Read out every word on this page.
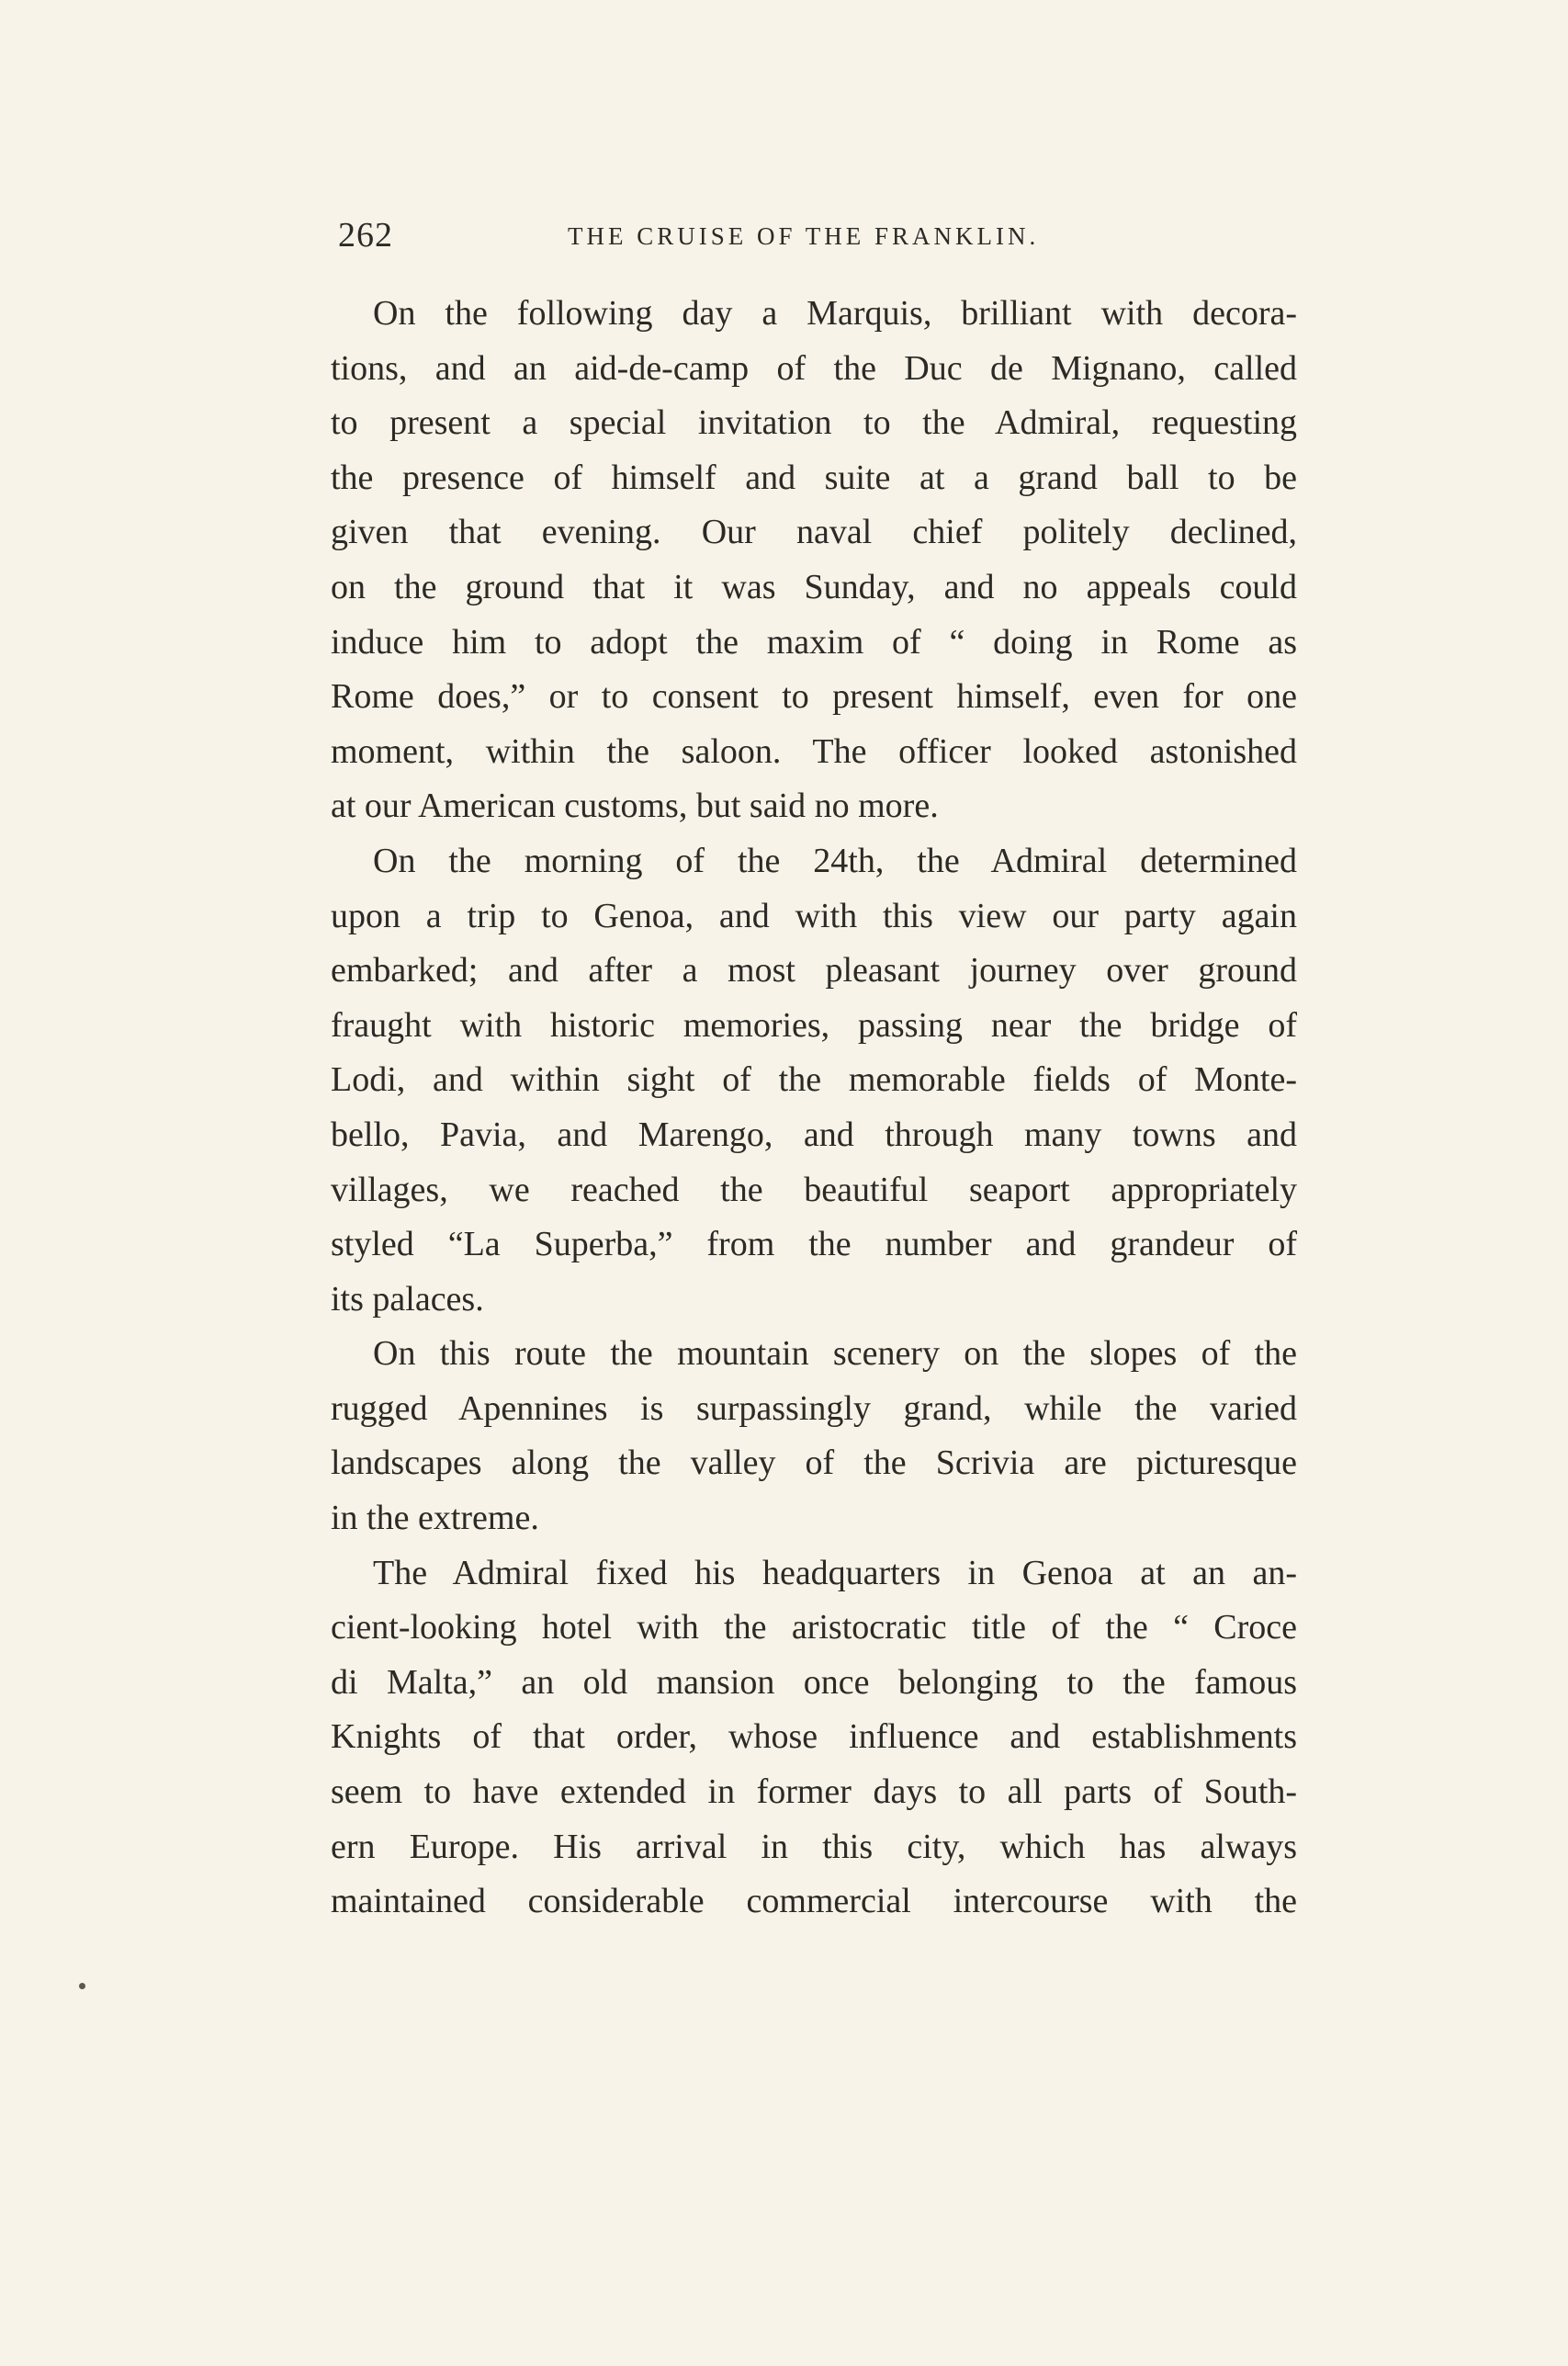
262	THE CRUISE OF THE FRANKLIN.
On the following day a Marquis, brilliant with decora-
tions, and an aid-de-camp of the Duc de Mignano, called
to present a special invitation to the Admiral, requesting
the presence of himself and suite at a grand ball to be
given that evening. Our naval chief politely declined,
on the ground that it was Sunday, and no appeals could
induce him to adopt the maxim of “ doing in Rome as
Rome does,” or to consent to present himself, even for one
moment, within the saloon. The officer looked astonished
at our American customs, but said no more.
On the morning of the 24th, the Admiral determined
upon a trip to Genoa, and with this view our party again
embarked; and after a most pleasant journey over ground
fraught with historic memories, passing near the bridge of
Lodi, and within sight of the memorable fields of Monte-
bello, Pavia, and Marengo, and through many towns and
villages, we reached the beautiful seaport appropriately
styled “La Superba,” from the number and grandeur of
its palaces.
On this route the mountain scenery on the slopes of the
rugged Apennines is surpassingly grand, while the varied
landscapes along the valley of the Scrivia are picturesque
in the extreme.
The Admiral fixed his headquarters in Genoa at an an-
cient-looking hotel with the aristocratic title of the “ Croce
di Malta,” an old mansion once belonging to the famous
Knights of that order, whose influence and establishments
seem to have extended in former days to all parts of South-
ern Europe. His arrival in this city, which has always
maintained considerable commercial intercourse with the
